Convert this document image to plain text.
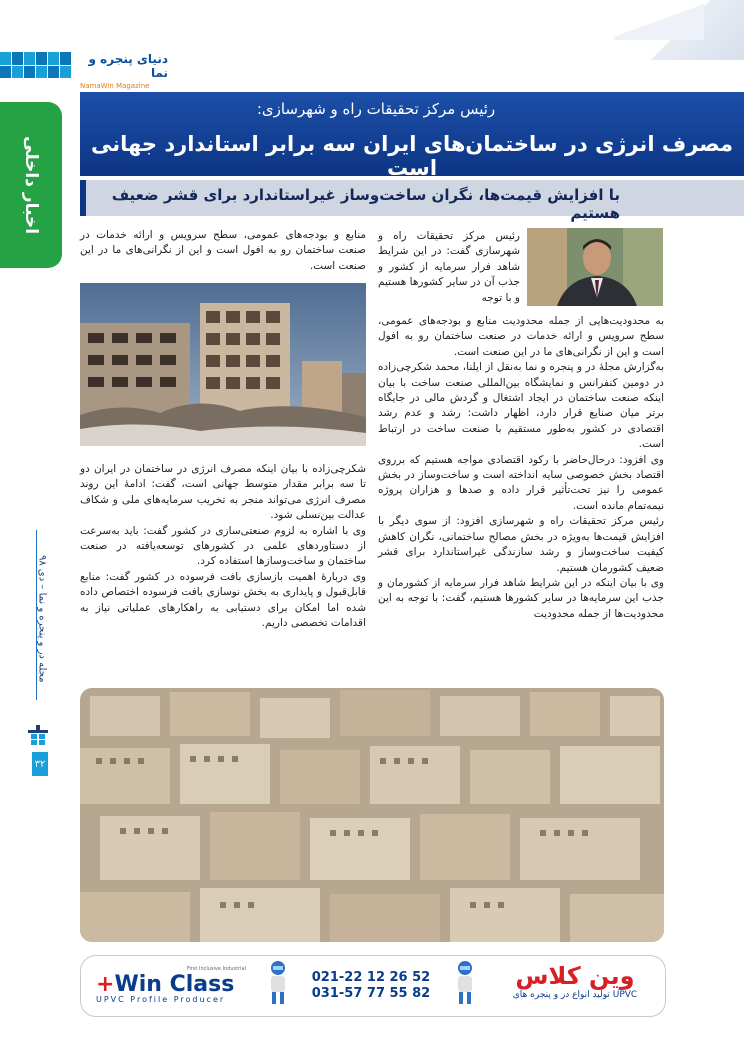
دنیای پنجره و نما
NamaWin Magazine
اخبار داخلی
رئیس مرکز تحقیقات راه و شهرسازی:
مصرف انرژی در ساختمان‌های ایران سه برابر استاندارد جهانی است
با افزایش قیمت‌ها، نگران ساخت‌وساز غیراستاندارد برای قشر ضعیف هستیم
رئیس مرکز تحقیقات راه و شهرسازی گفت: در این شرایط شاهد فرار سرمایه از کشور و جذب آن در سایر کشورها هستیم و با توجه

به محدودیت‌هایی از جمله محدودیت منابع و بودجه‌های عمومی، سطح سرویس و ارائه خدمات در صنعت ساختمان رو به افول است و این از نگرانی‌های ما در این صنعت است.

به‌گزارش مجلهٔ در و پنجره و نما به‌نقل از ایلنا، محمد شکرچی‌زاده در دومین کنفرانس و نمایشگاه بین‌المللی صنعت ساخت با بیان اینکه صنعت ساختمان در ایجاد اشتغال و گردش مالی در جایگاه برتر میان صنایع قرار دارد، اظهار داشت: رشد و عدم رشد اقتصادی در کشور به‌طور مستقیم با صنعت ساخت در ارتباط است.

وی افزود: درحال‌حاضر با رکود اقتصادی مواجه هستیم که برروی اقتصاد بخش خصوصی سایه انداخته است و ساخت‌وساز در بخش عمومی را نیز تحت‌تأثیر قرار داده و صدها و هزاران پروژه نیمه‌تمام مانده است.

رئیس مرکز تحقیقات راه و شهرسازی افزود: از سوی دیگر با افزایش قیمت‌ها به‌ویژه در بخش مصالح ساختمانی، نگران کاهش کیفیت ساخت‌وساز و رشد سازندگی غیراستاندارد برای قشر ضعیف کشورمان هستیم.

وی با بیان اینکه در این شرایط شاهد فرار سرمایه از کشورمان و جذب این سرمایه‌ها در سایر کشورها هستیم، گفت: با توجه به این محدودیت‌ها از جمله محدودیت

منابع و بودجه‌های عمومی، سطح سرویس و ارائه خدمات در صنعت ساختمان رو به افول است و این از نگرانی‌های ما در این صنعت است.

شکرچی‌زاده با بیان اینکه مصرف انرژی در ساختمان در ایران دو تا سه برابر مقدار متوسط جهانی است، گفت: ادامهٔ این روند مصرف انرژی می‌تواند منجر به تخریب سرمایه‌های ملی و شکاف عدالت بین‌نسلی شود.

وی با اشاره به لزوم صنعتی‌سازی در کشور گفت: باید به‌سرعت از دستاوردهای علمی در کشورهای توسعه‌یافته در صنعت ساختمان و ساخت‌وسازها استفاده کرد.

وی دربارهٔ اهمیت بازسازی بافت فرسوده در کشور گفت: منابع قابل‌قبول و پایداری به بخش نوسازی بافت فرسوده اختصاص داده شده اما امکان برای دستیابی به راهکارهای عملیاتی نیاز به اقدامات تخصصی داریم.

مجله در و پنجره و نما – دی ۹۸
۳۲
First Inclusive Industrial
+Win Class
UPVC Profile Producer
021-22 12 26 52
031-57 77 55 82
وین کلاس
UPVC تولید انواع در و پنجره های
